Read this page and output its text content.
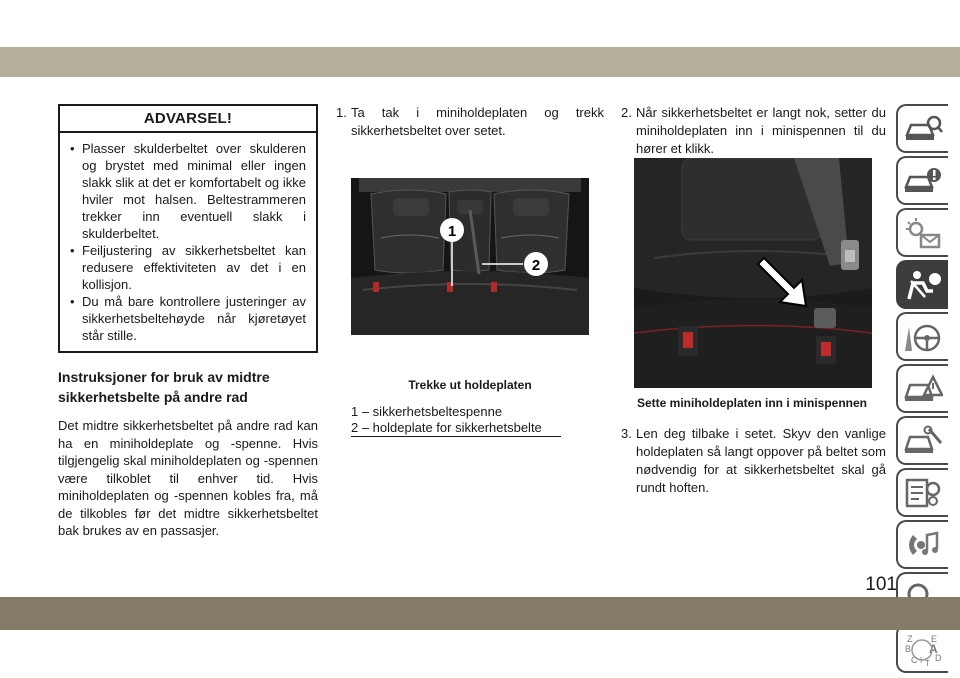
ADVARSEL!
• Plasser skulderbeltet over skulderen og brystet med minimal eller ingen slakk slik at det er komfortabelt og ikke hviler mot halsen. Beltestrammeren trekker inn eventuell slakk i skulderbeltet.
• Feiljustering av sikkerhetsbeltet kan redusere effektiviteten av det i en kollisjon.
• Du må bare kontrollere justeringer av sikkerhetsbeltehøyde når kjøretøyet står stille.
Instruksjoner for bruk av midtre sikkerhetsbelte på andre rad
Det midtre sikkerhetsbeltet på andre rad kan ha en miniholdeplate og -spenne. Hvis tilgjengelig skal miniholdeplaten og -spennen være tilkoblet til enhver tid. Hvis miniholdeplaten og -spennen kobles fra, må de tilkobles før det midtre sikkerhetsbeltet bak brukes av en passasjer.
1. Ta tak i miniholdeplaten og trekk sikkerhetsbeltet over setet.
1
2
Trekke ut holdeplaten
1 – sikkerhetsbeltespenne
2 – holdeplate for sikkerhetsbelte
2. Når sikkerhetsbeltet er langt nok, setter du miniholdeplaten inn i minispennen til du hører et klikk.
Sette miniholdeplaten inn i minispennen
3. Len deg tilbake i setet. Skyv den vanlige holdeplaten så langt oppover på beltet som nødvendig for at sikkerhetsbeltet skal gå rundt hoften.
Z E
B A
C D
I T
101
